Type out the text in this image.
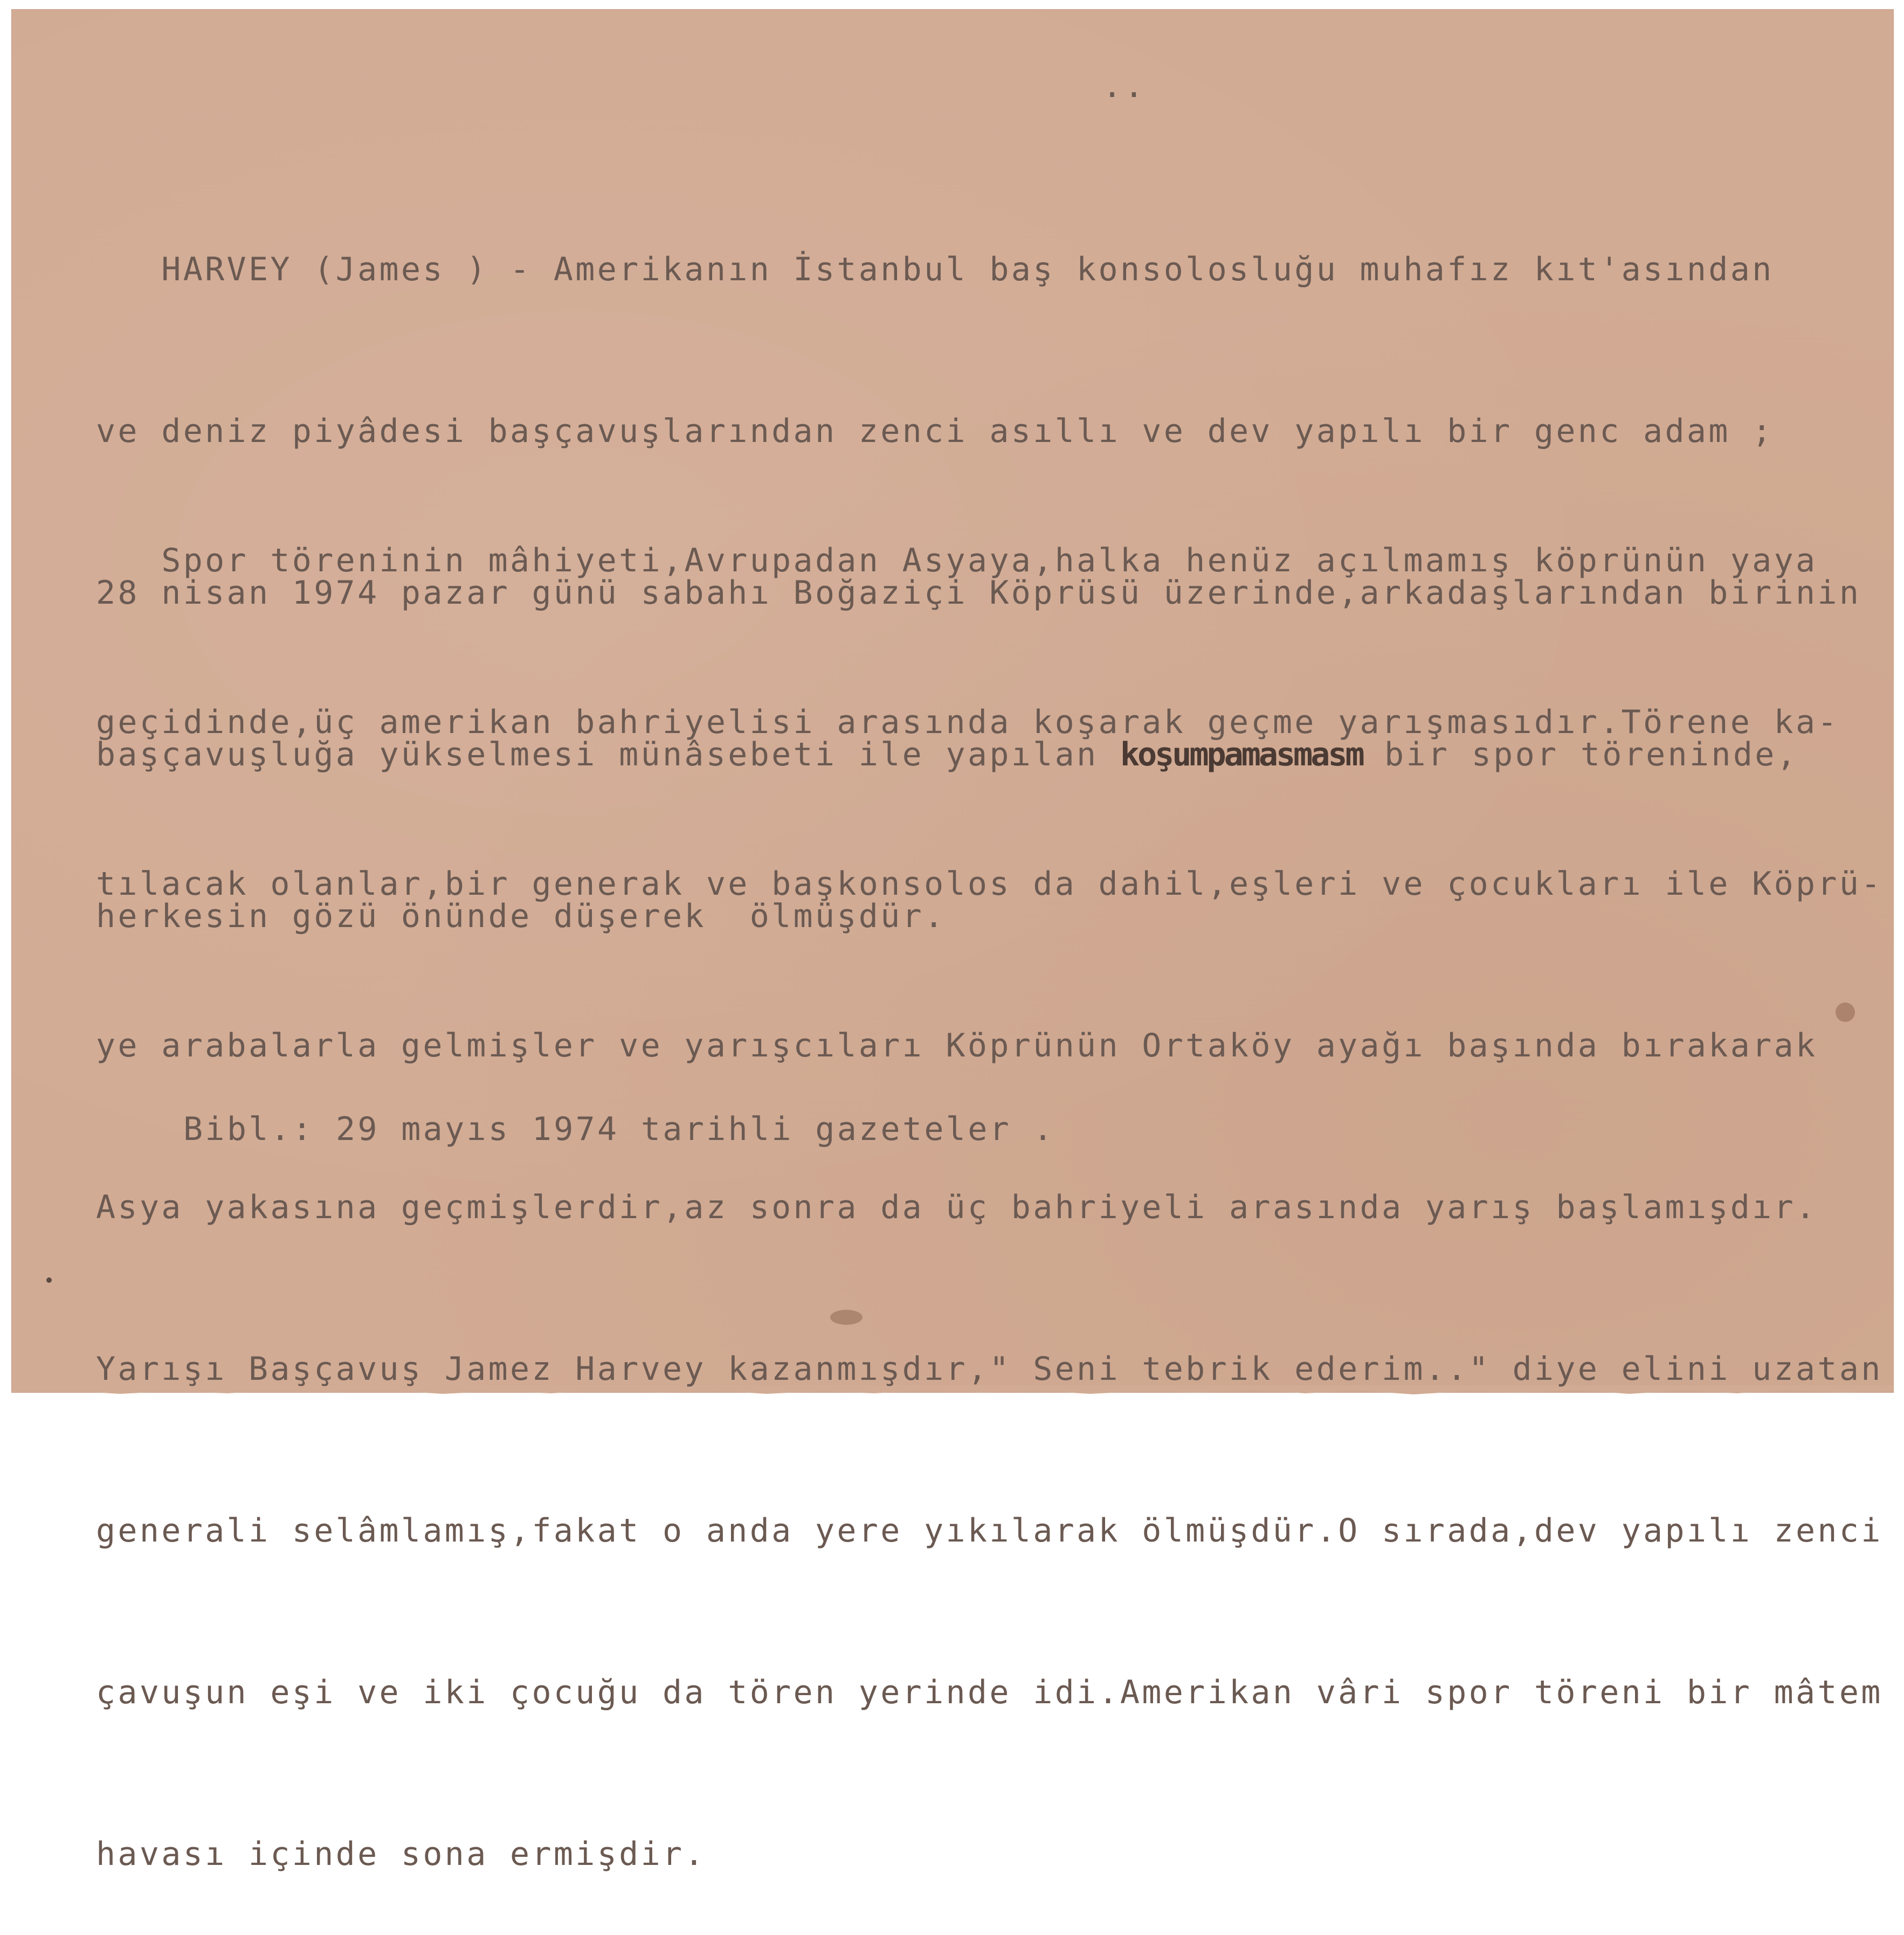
..

HARVEY (James ) - Amerikanın İstanbul baş konsolosluğu muhafız kıt'asından

ve deniz piyâdesi başçavuşlarından zenci asıllı ve dev yapılı bir genc adam ;

28 nisan 1974 pazar günü sabahı Boğaziçi Köprüsü üzerinde,arkadaşlarından birinin

başçavuşluğa yükselmesi münâsebeti ile yapılan koşumpamasmasm bir spor töreninde,

herkesin gözü önünde düşerek  ölmüşdür.

Spor töreninin mâhiyeti,Avrupadan Asyaya,halka henüz açılmamış köprünün yaya

geçidinde,üç amerikan bahriyelisi arasında koşarak geçme yarışmasıdır.Törene ka-

tılacak olanlar,bir generak ve başkonsolos da dahil,eşleri ve çocukları ile Köprü-

ye arabalarla gelmişler ve yarışcıları Köprünün Ortaköy ayağı başında bırakarak

Asya yakasına geçmişlerdir,az sonra da üç bahriyeli arasında yarış başlamışdır.

Yarışı Başçavuş Jamez Harvey kazanmışdır," Seni tebrik ederim.." diye elini uzatan

generali selâmlamış,fakat o anda yere yıkılarak ölmüşdür.O sırada,dev yapılı zenci

çavuşun eşi ve iki çocuğu da tören yerinde idi.Amerikan vâri spor töreni bir mâtem

havası içinde sona ermişdir.

Bibl.: 29 mayıs 1974 tarihli gazeteler .
